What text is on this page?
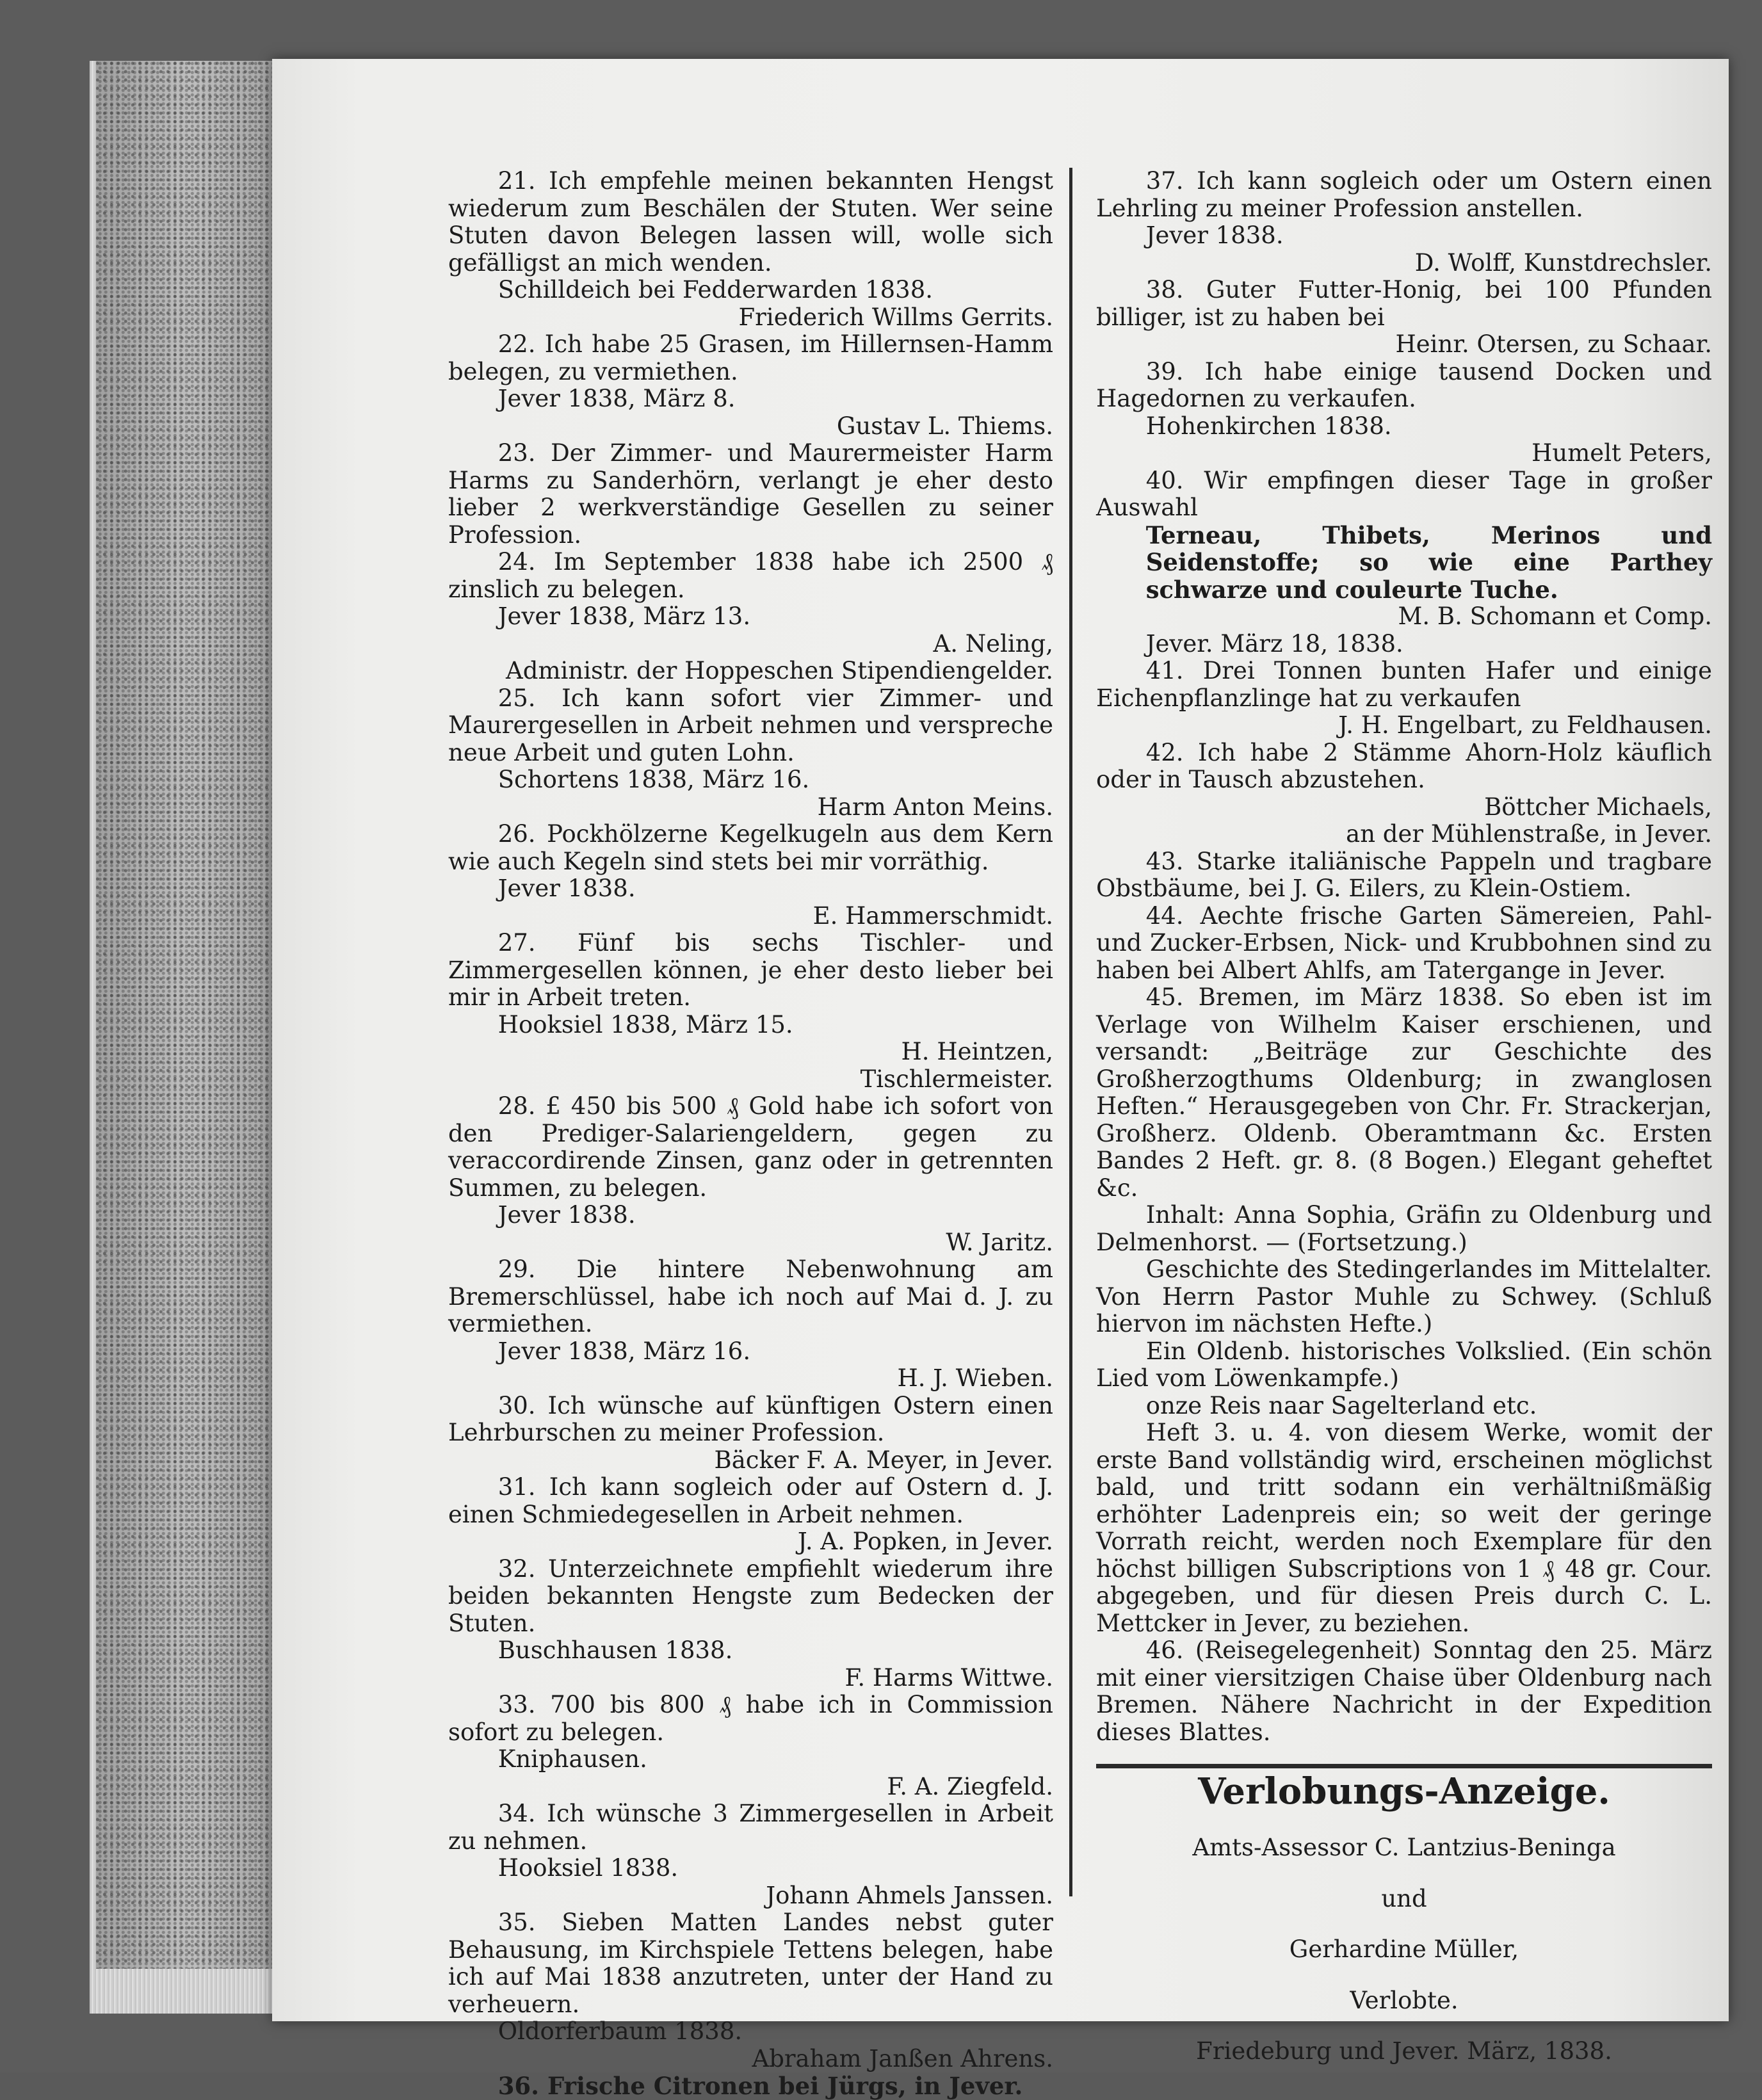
21. Ich empfehle meinen bekannten Hengst wiederum zum Beschälen der Stuten. Wer seine Stuten davon Belegen lassen will, wolle sich gefälligst an mich wenden.

Schilldeich bei Fedderwarden 1838.

Friederich Willms Gerrits.

22. Ich habe 25 Grasen, im Hillernsen-Hamm belegen, zu vermiethen.

Jever 1838, März 8.

Gustav L. Thiems.

23. Der Zimmer- und Maurermeister Harm Harms zu Sanderhörn, verlangt je eher desto lieber 2 werkverständige Gesellen zu seiner Profession.

24. Im September 1838 habe ich 2500 ₰ zinslich zu belegen.

Jever 1838, März 13.

A. Neling,

Administr. der Hoppeschen Stipendiengelder.

25. Ich kann sofort vier Zimmer- und Maurergesellen in Arbeit nehmen und verspreche neue Arbeit und guten Lohn.

Schortens 1838, März 16.

Harm Anton Meins.

26. Pockhölzerne Kegelkugeln aus dem Kern wie auch Kegeln sind stets bei mir vorräthig.

Jever 1838.

E. Hammerschmidt.

27. Fünf bis sechs Tischler- und Zimmergesellen können, je eher desto lieber bei mir in Arbeit treten.

Hooksiel 1838, März 15.

H. Heintzen,

Tischlermeister.

28. £ 450 bis 500 ₰ Gold habe ich sofort von den Prediger-Salariengeldern, gegen zu veraccordirende Zinsen, ganz oder in getrennten Summen, zu belegen.

Jever 1838.

W. Jaritz.

29. Die hintere Nebenwohnung am Bremerschlüssel, habe ich noch auf Mai d. J. zu vermiethen.

Jever 1838, März 16.

H. J. Wieben.

30. Ich wünsche auf künftigen Ostern einen Lehrburschen zu meiner Profession.

Bäcker F. A. Meyer, in Jever.

31. Ich kann sogleich oder auf Ostern d. J. einen Schmiedegesellen in Arbeit nehmen.

J. A. Popken, in Jever.

32. Unterzeichnete empfiehlt wiederum ihre beiden bekannten Hengste zum Bedecken der Stuten.

Buschhausen 1838.

F. Harms Wittwe.

33. 700 bis 800 ₰ habe ich in Commission sofort zu belegen.

Kniphausen.

F. A. Ziegfeld.

34. Ich wünsche 3 Zimmergesellen in Arbeit zu nehmen.

Hooksiel 1838.

Johann Ahmels Janssen.

35. Sieben Matten Landes nebst guter Behausung, im Kirchspiele Tettens belegen, habe ich auf Mai 1838 anzutreten, unter der Hand zu verheuern.

Oldorferbaum 1838.

Abraham Janßen Ahrens.

36. Frische Citronen bei Jürgs, in Jever.

37. Ich kann sogleich oder um Ostern einen Lehrling zu meiner Profession anstellen.

Jever 1838.

D. Wolff, Kunstdrechsler.

38. Guter Futter-Honig, bei 100 Pfunden billiger, ist zu haben bei

Heinr. Otersen, zu Schaar.

39. Ich habe einige tausend Docken und Hagedornen zu verkaufen.

Hohenkirchen 1838.

Humelt Peters,

40. Wir empfingen dieser Tage in großer Auswahl

Terneau, Thibets, Merinos und Seidenstoffe; so wie eine Parthey schwarze und couleurte Tuche.

M. B. Schomann et Comp.

Jever. März 18, 1838.

41. Drei Tonnen bunten Hafer und einige Eichenpflanzlinge hat zu verkaufen

J. H. Engelbart, zu Feldhausen.

42. Ich habe 2 Stämme Ahorn-Holz käuflich oder in Tausch abzustehen.

Böttcher Michaels,

an der Mühlenstraße, in Jever.

43. Starke italiänische Pappeln und tragbare Obstbäume, bei J. G. Eilers, zu Klein-Ostiem.

44. Aechte frische Garten Sämereien, Pahl- und Zucker-Erbsen, Nick- und Krubbohnen sind zu haben bei Albert Ahlfs, am Tatergange in Jever.

45. Bremen, im März 1838. So eben ist im Verlage von Wilhelm Kaiser erschienen, und versandt: „Beiträge zur Geschichte des Großherzogthums Oldenburg; in zwanglosen Heften.“ Herausgegeben von Chr. Fr. Strackerjan, Großherz. Oldenb. Oberamtmann &c. Ersten Bandes 2 Heft. gr. 8. (8 Bogen.) Elegant geheftet &c.

Inhalt: Anna Sophia, Gräfin zu Oldenburg und Delmenhorst. — (Fortsetzung.)

Geschichte des Stedingerlandes im Mittelalter. Von Herrn Pastor Muhle zu Schwey. (Schluß hiervon im nächsten Hefte.)

Ein Oldenb. historisches Volkslied. (Ein schön Lied vom Löwenkampfe.)

onze Reis naar Sagelterland etc.

Heft 3. u. 4. von diesem Werke, womit der erste Band vollständig wird, erscheinen möglichst bald, und tritt sodann ein verhältnißmäßig erhöhter Ladenpreis ein; so weit der geringe Vorrath reicht, werden noch Exemplare für den höchst billigen Subscriptions von 1 ₰ 48 gr. Cour. abgegeben, und für diesen Preis durch C. L. Mettcker in Jever, zu beziehen.

46. (Reisegelegenheit) Sonntag den 25. März mit einer viersitzigen Chaise über Oldenburg nach Bremen. Nähere Nachricht in der Expedition dieses Blattes.

Verlobungs-Anzeige.

Amts-Assessor C. Lantzius-Beninga

und

Gerhardine Müller,

Verlobte.

Friedeburg und Jever. März, 1838.
